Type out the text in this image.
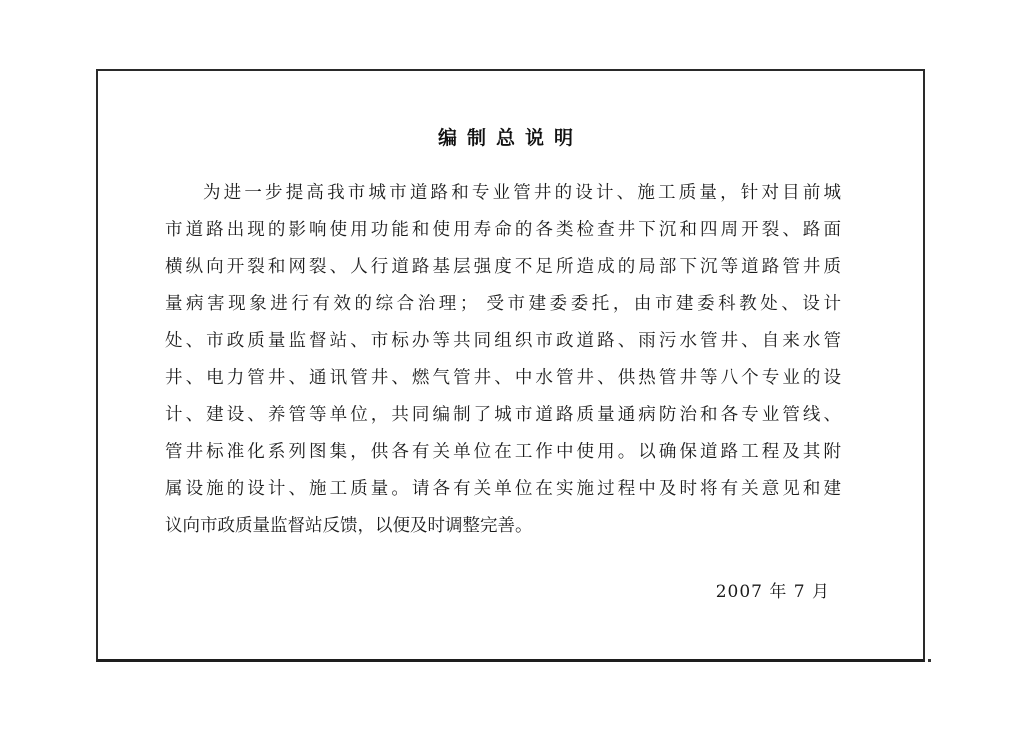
编制总说明
为进一步提高我市城市道路和专业管井的设计、施工质量，针对目前城
市道路出现的影响使用功能和使用寿命的各类检查井下沉和四周开裂、路面
横纵向开裂和网裂、人行道路基层强度不足所造成的局部下沉等道路管井质
量病害现象进行有效的综合治理； 受市建委委托，由市建委科教处、设计
处、市政质量监督站、市标办等共同组织市政道路、雨污水管井、自来水管
井、电力管井、通讯管井、燃气管井、中水管井、供热管井等八个专业的设
计、建设、养管等单位，共同编制了城市道路质量通病防治和各专业管线、
管井标准化系列图集，供各有关单位在工作中使用。以确保道路工程及其附
属设施的设计、施工质量。请各有关单位在实施过程中及时将有关意见和建
议向市政质量监督站反馈，以便及时调整完善。
2007 年 7 月
